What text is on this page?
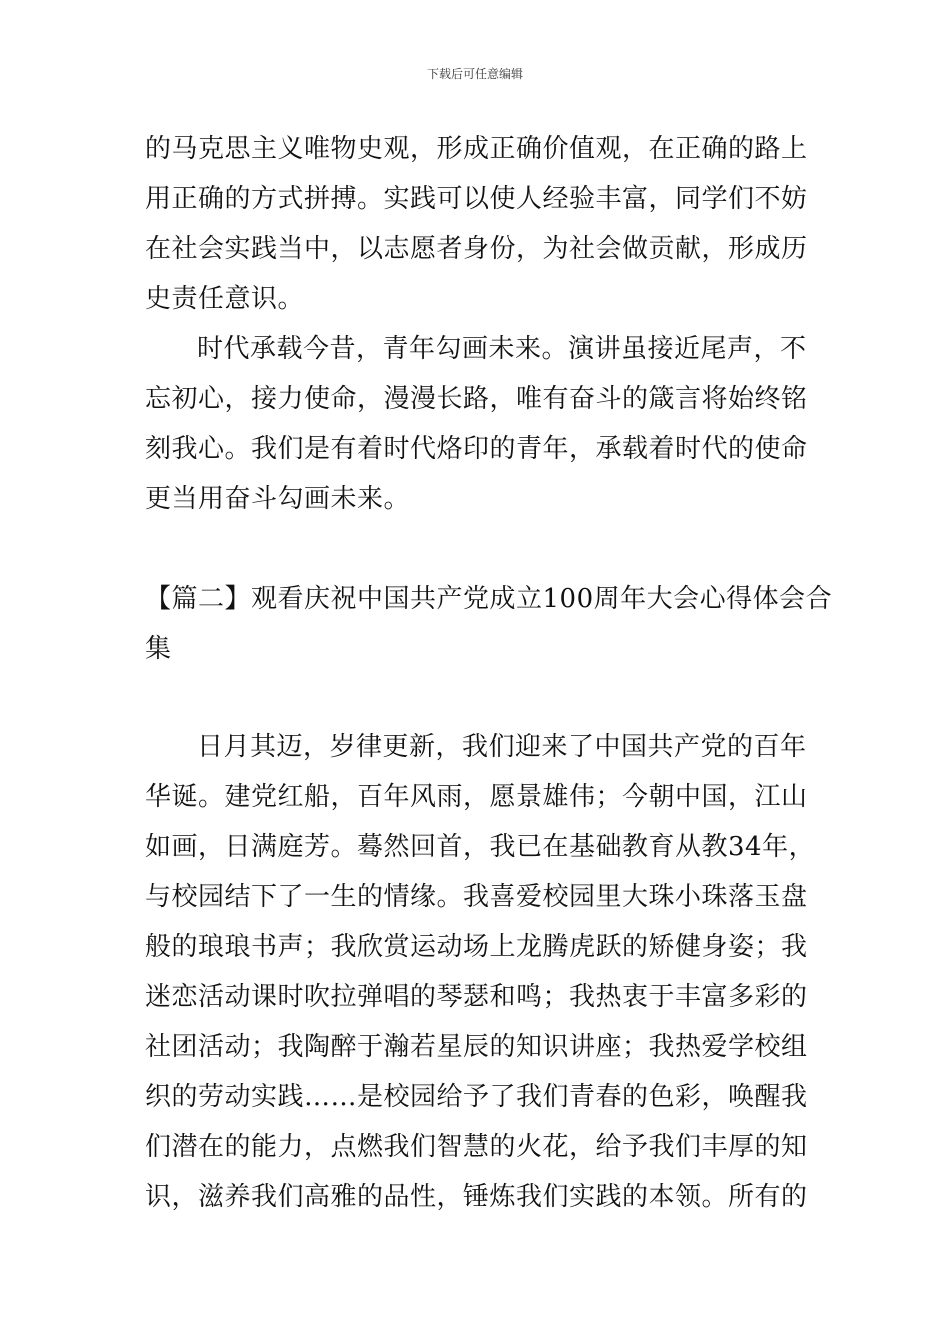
下载后可任意编辑
的马克思主义唯物史观，形成正确价值观，在正确的路上
用正确的方式拼搏。实践可以使人经验丰富，同学们不妨
在社会实践当中，以志愿者身份，为社会做贡献，形成历
史责任意识。
时代承载今昔，青年勾画未来。演讲虽接近尾声，不
忘初心，接力使命，漫漫长路，唯有奋斗的箴言将始终铭
刻我心。我们是有着时代烙印的青年，承载着时代的使命
更当用奋斗勾画未来。
【篇二】观看庆祝中国共产党成立100周年大会心得体会合
集
日月其迈，岁律更新，我们迎来了中国共产党的百年
华诞。建党红船，百年风雨，愿景雄伟；今朝中国，江山
如画，日满庭芳。蓦然回首，我已在基础教育从教34年，
与校园结下了一生的情缘。我喜爱校园里大珠小珠落玉盘
般的琅琅书声；我欣赏运动场上龙腾虎跃的矫健身姿；我
迷恋活动课时吹拉弹唱的琴瑟和鸣；我热衷于丰富多彩的
社团活动；我陶醉于瀚若星辰的知识讲座；我热爱学校组
织的劳动实践……是校园给予了我们青春的色彩，唤醒我
们潜在的能力，点燃我们智慧的火花，给予我们丰厚的知
识，滋养我们高雅的品性，锤炼我们实践的本领。所有的
